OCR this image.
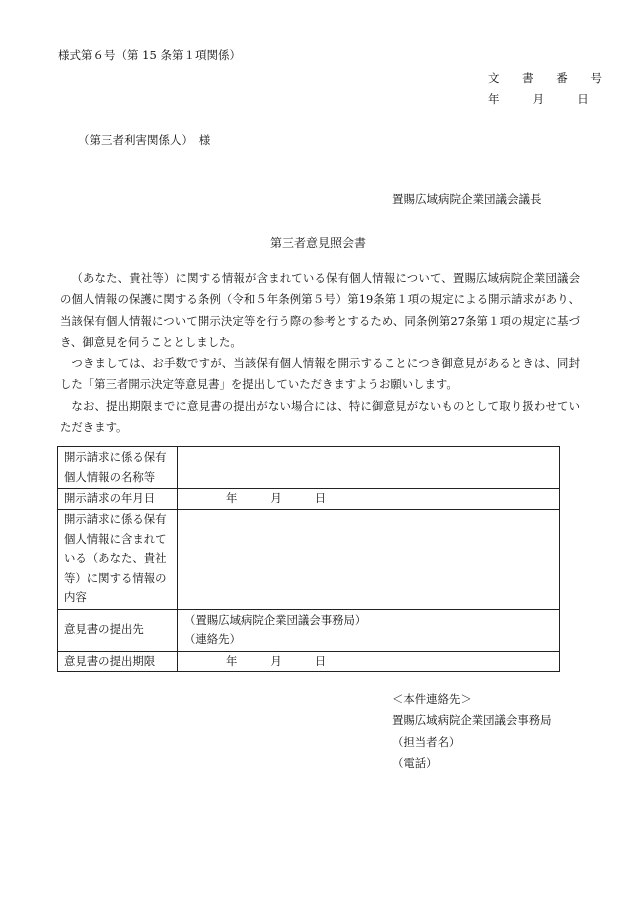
様式第６号（第 15 条第１項関係）
文 書 番 号
年　 月　 日
（第三者利害関係人）　様
置賜広域病院企業団議会議長
第三者意見照会書

（あなた、貴社等）に関する情報が含まれている保有個人情報について、置賜広域病院企業団議会の個人情報の保護に関する条例（令和５年条例第５号）第19条第１項の規定による開示請求があり、当該保有個人情報について開示決定等を行う際の参考とするため、同条例第27条第１項の規定に基づき、御意見を伺うこととしました。

つきましては、お手数ですが、当該保有個人情報を開示することにつき御意見があるときは、同封した「第三者開示決定等意見書」を提出していただきますようお願いします。

なお、提出期限までに意見書の提出がない場合には、特に御意見がないものとして取り扱わせていただきます。

開示請求に係る保有個人情報の名称等	
開示請求の年月日	年　 月　 日
開示請求に係る保有個人情報に含まれている（あなた、貴社等）に関する情報の内容	
意見書の提出先	（置賜広域病院企業団議会事務局）
（連絡先）

意見書の提出期限	年　 月　 日
＜本件連絡先＞
置賜広域病院企業団議会事務局
（担当者名）
（電話）
